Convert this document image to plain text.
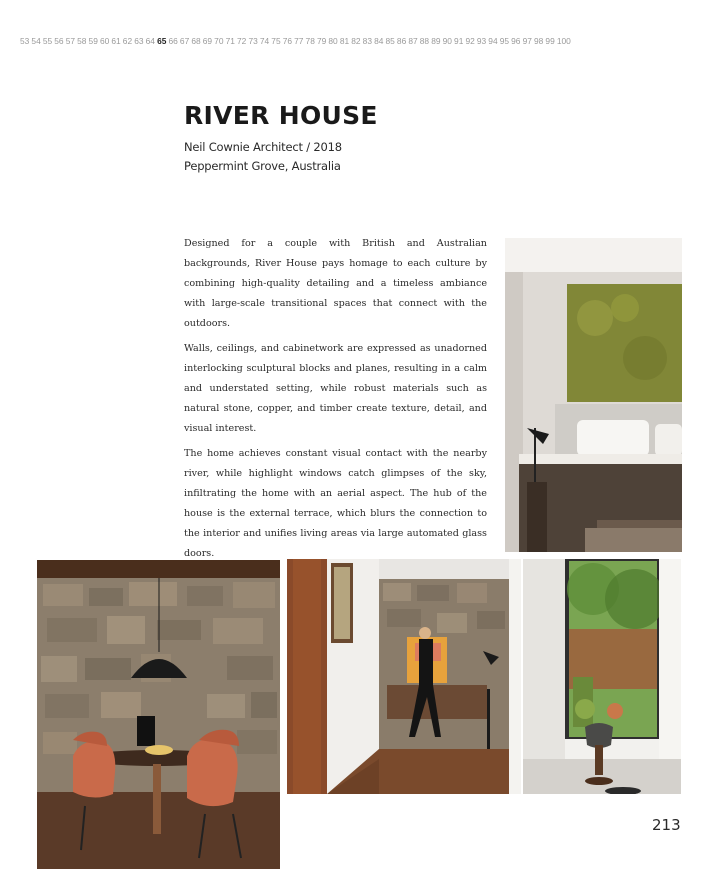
53 54 55 56 57 58 59 60 61 62 63 64 65 66 67 68 69 70 71 72 73 74 75 76 77 78 79 80 81 82 83 84 85 86 87 88 89 90 91 92 93 94 95 96 97 98 99 100
RIVER HOUSE

Neil Cownie Architect / 2018

Peppermint Grove, Australia

Designed for a couple with British and Australian backgrounds, River House pays homage to each culture by combining high-quality detailing and a timeless ambiance with large-scale transitional spaces that connect with the outdoors.

Walls, ceilings, and cabinetwork are expressed as unadorned interlocking sculptural blocks and planes, resulting in a calm and understated setting, while robust materials such as natural stone, copper, and timber create texture, detail, and visual interest.

The home achieves constant visual contact with the nearby river, while highlight windows catch glimpses of the sky, infiltrating the home with an aerial aspect. The hub of the house is the external terrace, which blurs the connection to the interior and unifies living areas via large automated glass doors.

213
